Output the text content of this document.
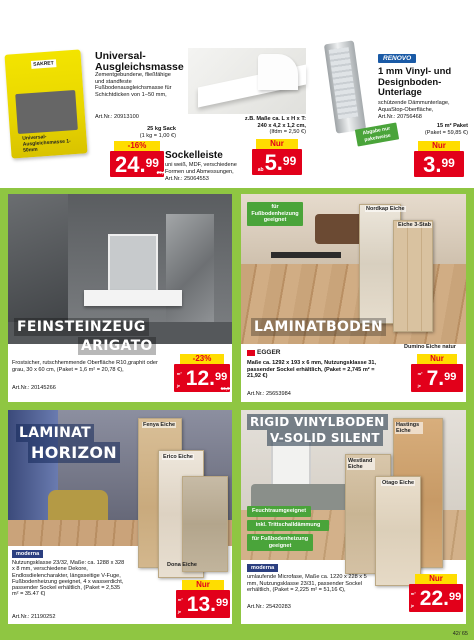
SAKRET
Universal-Ausgleichsmasse 1-50mm
Universal-Ausgleichsmasse
Zementgebundene, fließfähige und standfeste Fußbodenausgleichsmasse für Schichtdicken von 1−50 mm,
Art.Nr.: 20913100
25 kg Sack
(1 kg = 1,00 €)
-16%
24. 99
29,99
z.B. Maße ca. L x H x T: 240 x 4,2 x 1,2 cm,
(Ifdm = 2,50 €)
Nur
ab 5. 99
Sockelleiste
uni weiß, MDF, verschiedene Formen und Abmessungen,
Art.Nr.: 25064553
RENOVO
1 mm Vinyl- und Designboden-Unterlage
schützende Dämmunterlage, AquaStop-Oberfläche,
Art.Nr.: 20756468
15 m² Paket
(Paket = 59,85 €)
Abgabe nur paketweise
Nur
3. 99
FEINSTEINZEUG
ARIGATO
Frostsicher, rutschhemmende Oberfläche R10,graphit oder grau, 30 x 60 cm, (Paket = 1,6 m² = 20,78 €),
Art.Nr.: 20145266
-23%
m² je 12. 99
16,99
für Fußbodenheizung geeignet
Nordkap Eiche
Eiche 3-Stab
LAMINATBODEN
Dumino Eiche natur
EGGER
Maße ca. 1292 x 193 x 6 mm, Nutzungsklasse 31, passender Sockel erhältlich, (Paket = 2,745 m² = 21,92 €)
Art.Nr.: 25653984
Nur
m² je 7. 99
LAMINAT
HORIZON
Fenya Eiche
Erico Eiche
Dona Eiche
moderna
Nutzungsklasse 23/32, Maße: ca. 1288 x 328 x 8 mm, verschiedene Dekore, Endlosdielencharakter, längsseitige V-Fuge, Fußbodenheizung geeignet, 4 x wasserdicht, passender Sockel erhältlich, (Paket = 2,535 m² = 35.47 €)
Art.Nr.: 21190252
Nur
m² je 13. 99
RIGID VINYLBODEN
V-SOLID SILENT
Hastings Eiche
Westland Eiche
Otago Eiche
Feuchtraumgeeignet
inkl. Trittschalldämmung
für Fußbodenheizung geeignet
moderna
umlaufende Microfase, Maße ca. 1220 x 228 x 5 mm, Nutzungsklasse 23/31, passender Sockel erhältlich, (Paket = 2,225 m² = 51,16 €),
Art.Nr.: 25420283
Nur
m² je 22. 99
42/ 65
